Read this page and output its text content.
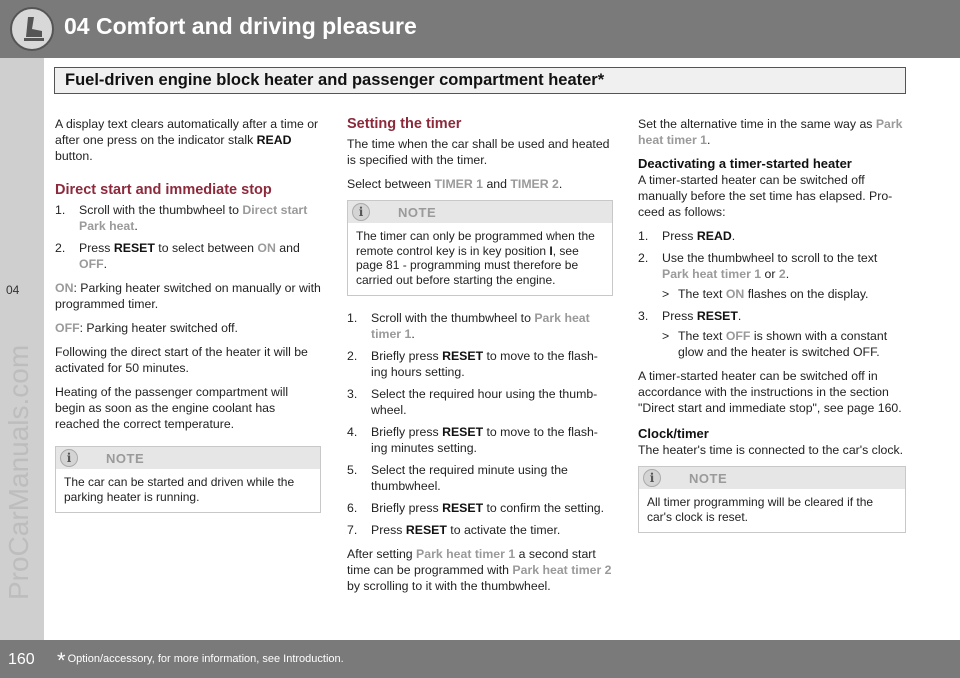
04 Comfort and driving pleasure
Fuel-driven engine block heater and passenger compartment heater*
04
ProCarManuals.com

A display text clears automatically after a time or after one press on the indicator stalk READ button.

Direct start and immediate stop
1. Scroll with the thumbwheel to Direct start Park heat.
2. Press RESET to select between ON and OFF.

ON: Parking heater switched on manually or with programmed timer.

OFF: Parking heater switched off.

Following the direct start of the heater it will be activated for 50 minutes.

Heating of the passenger compartment will begin as soon as the engine coolant has reached the correct temperature.

i	NOTE
The car can be started and driven while the parking heater is running.
Setting the timer

The time when the car shall be used and heated is specified with the timer.

Select between TIMER 1 and TIMER 2.

i	NOTE
The timer can only be programmed when the remote control key is in key position I, see page 81 - programming must therefore be carried out before starting the engine.
1. Scroll with the thumbwheel to Park heat timer 1.
2. Briefly press RESET to move to the flash-ing hours setting.
3. Select the required hour using the thumb-wheel.
4. Briefly press RESET to move to the flash-ing minutes setting.
5. Select the required minute using the thumbwheel.
6. Briefly press RESET to confirm the setting.
7. Press RESET to activate the timer.

After setting Park heat timer 1 a second start time can be programmed with Park heat timer 2 by scrolling to it with the thumbwheel.

Set the alternative time in the same way as Park heat timer 1.

Deactivating a timer-started heater

A timer-started heater can be switched off manually before the set time has elapsed. Pro-ceed as follows:

1. Press READ.
2. Use the thumbwheel to scroll to the text Park heat timer 1 or 2.
> The text ON flashes on the display.
3. Press RESET.
> The text OFF is shown with a constant glow and the heater is switched OFF.

A timer-started heater can be switched off in accordance with the instructions in the section "Direct start and immediate stop", see page 160.

Clock/timer

The heater's time is connected to the car's clock.

i	NOTE
All timer programming will be cleared if the car's clock is reset.
160 * Option/accessory, for more information, see Introduction.
